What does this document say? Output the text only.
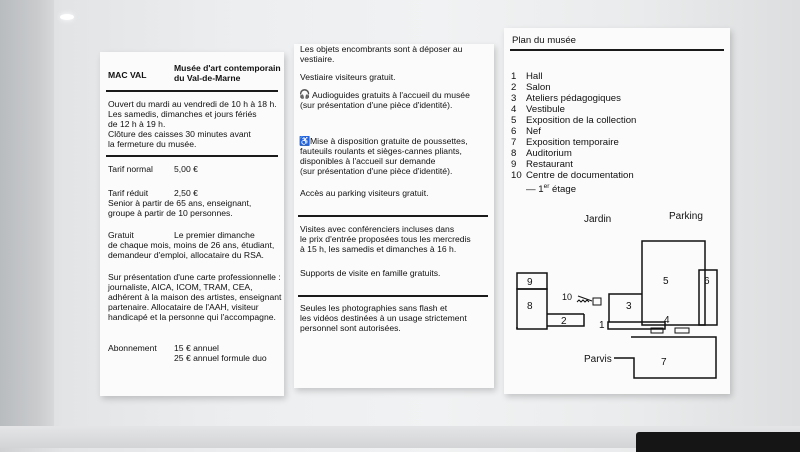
MAC VAL
Musée d'art contemporain
du Val-de-Marne
Ouvert du mardi au vendredi de 10 h à 18 h.
Les samedis, dimanches et jours fériés
de 12 h à 19 h.
Clôture des caisses 30 minutes avant
la fermeture du musée.
Tarif normal 5,00 €
Tarif réduit	2,50 €
Senior à partir de 65 ans, enseignant,
groupe à partir de 10 personnes.
Gratuit	Le premier dimanche
de chaque mois, moins de 26 ans, étudiant,
demandeur d'emploi, allocataire du RSA.
Sur présentation d'une carte professionnelle :
journaliste, AICA, ICOM, TRAM, CEA,
adhérent à la maison des artistes, enseignant
partenaire. Allocataire de l'AAH, visiteur
handicapé et la personne qui l'accompagne.
Abonnement 15 € annuel
25 € annuel formule duo
Les objets encombrants sont à déposer au
vestiaire.
Vestiaire visiteurs gratuit.
🎧 Audioguides gratuits à l'accueil du musée
(sur présentation d'une pièce d'identité).
♿ Mise à disposition gratuite de poussettes,
fauteuils roulants et sièges-cannes pliants,
disponibles à l'accueil sur demande
(sur présentation d'une pièce d'identité).
Accès au parking visiteurs gratuit.
Visites avec conférenciers incluses dans
le prix d'entrée proposées tous les mercredis
à 15 h, les samedis et dimanches à 16 h.
Supports de visite en famille gratuits.
Seules les photographies sans flash et
les vidéos destinées à un usage strictement
personnel sont autorisées.
Plan du musée
1 Hall
2 Salon
3 Ateliers pédagogiques
4 Vestibule
5 Exposition de la collection
6 Nef
7 Exposition temporaire
8 Auditorium
9 Restaurant
10 Centre de documentation
— 1er étage
Jardin	Parking
Parvis
1
2
3
4
5	6
7
8
9
10
